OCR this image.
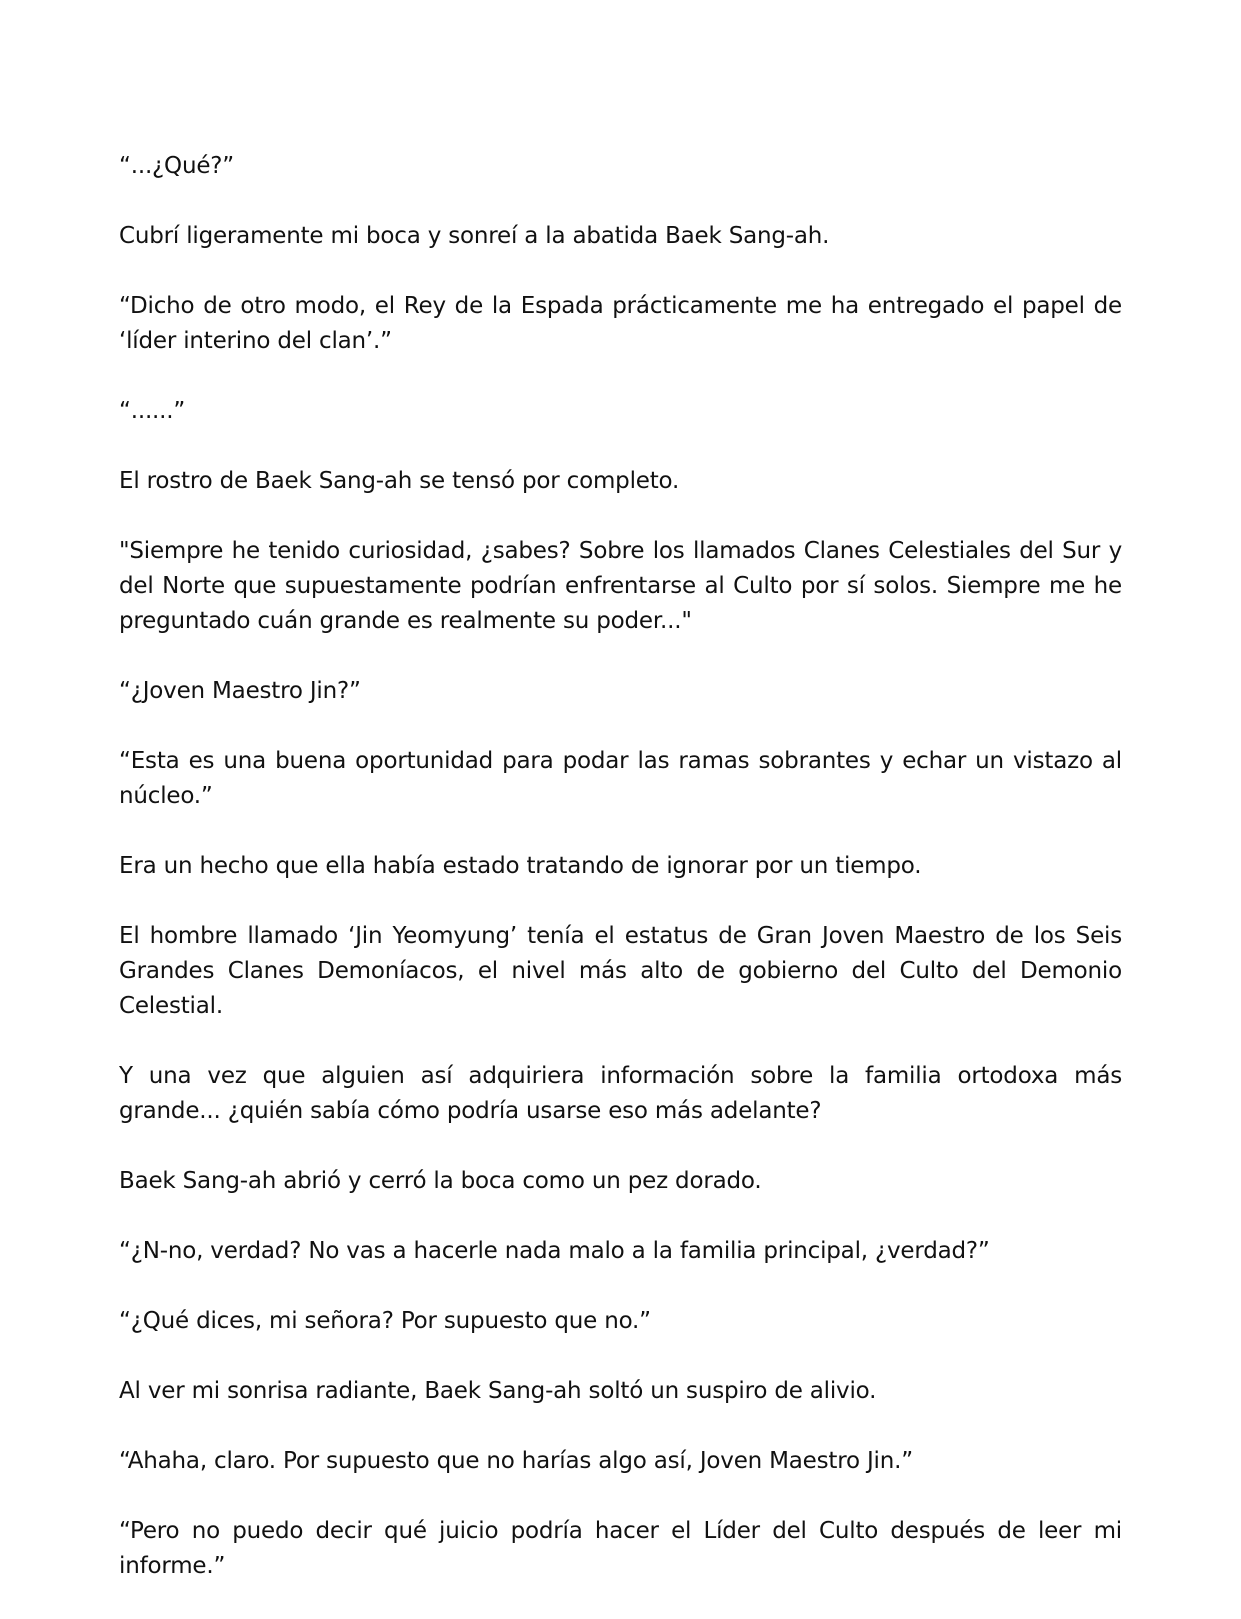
“...¿Qué?”

Cubrí ligeramente mi boca y sonreí a la abatida Baek Sang-ah.

“Dicho de otro modo, el Rey de la Espada prácticamente me ha entregado el papel de ‘líder interino del clan’.”

“......”

El rostro de Baek Sang-ah se tensó por completo.

"Siempre he tenido curiosidad, ¿sabes? Sobre los llamados Clanes Celestiales del Sur y del Norte que supuestamente podrían enfrentarse al Culto por sí solos. Siempre me he preguntado cuán grande es realmente su poder..."

“¿Joven Maestro Jin?”

“Esta es una buena oportunidad para podar las ramas sobrantes y echar un vistazo al núcleo.”

Era un hecho que ella había estado tratando de ignorar por un tiempo.

El hombre llamado ‘Jin Yeomyung’ tenía el estatus de Gran Joven Maestro de los Seis Grandes Clanes Demoníacos, el nivel más alto de gobierno del Culto del Demonio Celestial.

Y una vez que alguien así adquiriera información sobre la familia ortodoxa más grande... ¿quién sabía cómo podría usarse eso más adelante?

Baek Sang-ah abrió y cerró la boca como un pez dorado.

“¿N-no, verdad? No vas a hacerle nada malo a la familia principal, ¿verdad?”

“¿Qué dices, mi señora? Por supuesto que no.”

Al ver mi sonrisa radiante, Baek Sang-ah soltó un suspiro de alivio.

“Ahaha, claro. Por supuesto que no harías algo así, Joven Maestro Jin.”

“Pero no puedo decir qué juicio podría hacer el Líder del Culto después de leer mi informe.”
